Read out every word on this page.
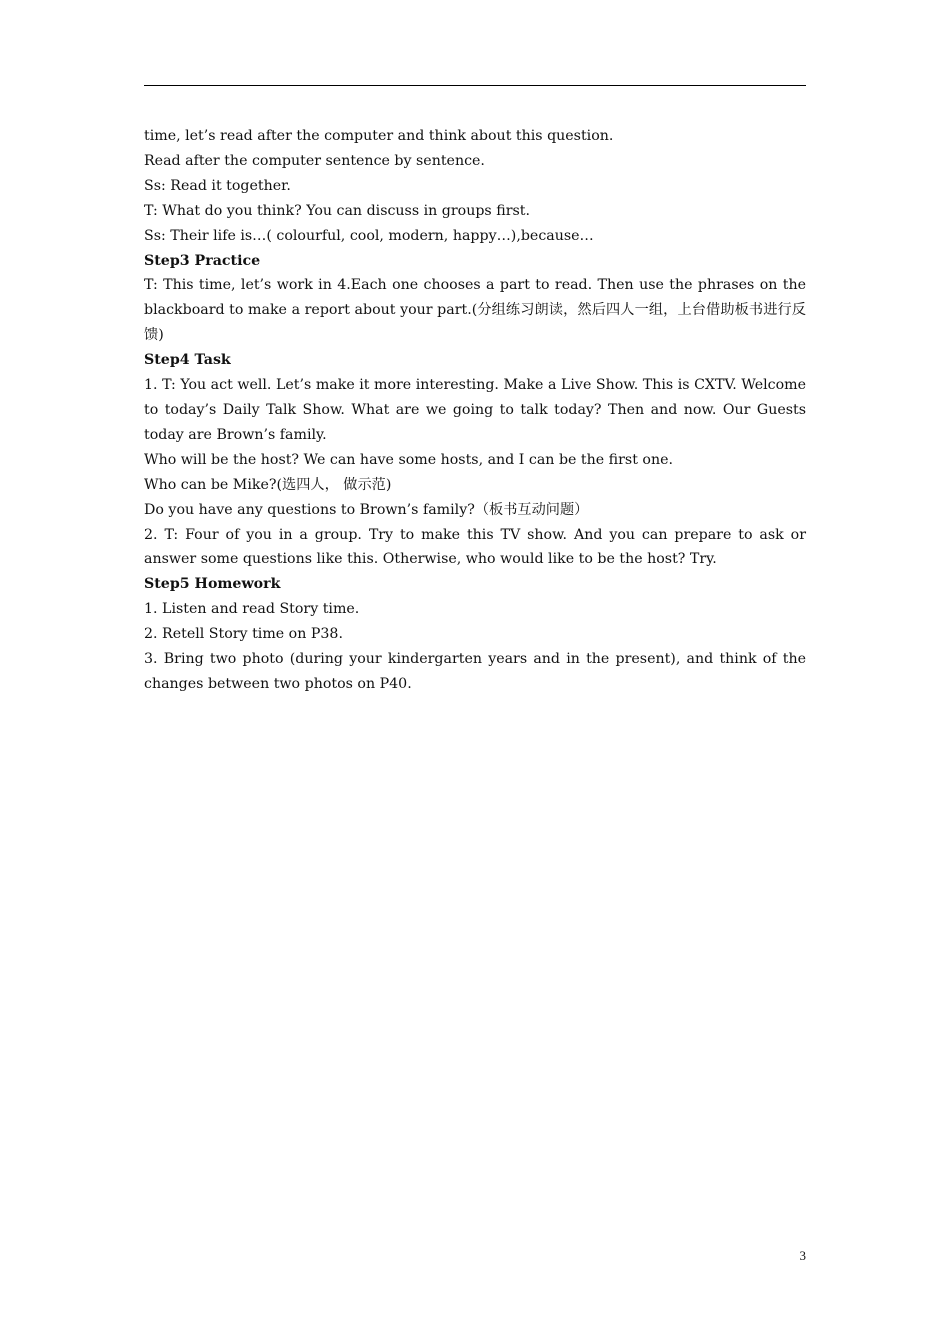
time, let’s read after the computer and think about this question.

Read after the computer sentence by sentence.

Ss: Read it together.

T: What do you think? You can discuss in groups first.

Ss: Their life is…( colourful, cool, modern, happy…),because…

Step3 Practice

T: This time, let’s work in 4.Each one chooses a part to read. Then use the phrases on the blackboard to make a report about your part.(分组练习朗读，然后四人一组，上台借助板书进行反馈)

Step4 Task

1. T: You act well. Let’s make it more interesting. Make a Live Show. This is CXTV. Welcome to today’s Daily Talk Show. What are we going to talk today? Then and now. Our Guests today are Brown’s family.

Who will be the host? We can have some hosts, and I can be the first one.

Who can be Mike?(选四人， 做示范)

Do you have any questions to Brown’s family?（板书互动问题）

2. T: Four of you in a group. Try to make this TV show. And you can prepare to ask or answer some questions like this. Otherwise, who would like to be the host? Try.

Step5 Homework

1. Listen and read Story time.

2. Retell Story time on P38.

3. Bring two photo (during your kindergarten years and in the present), and think of the changes between two photos on P40.

3
